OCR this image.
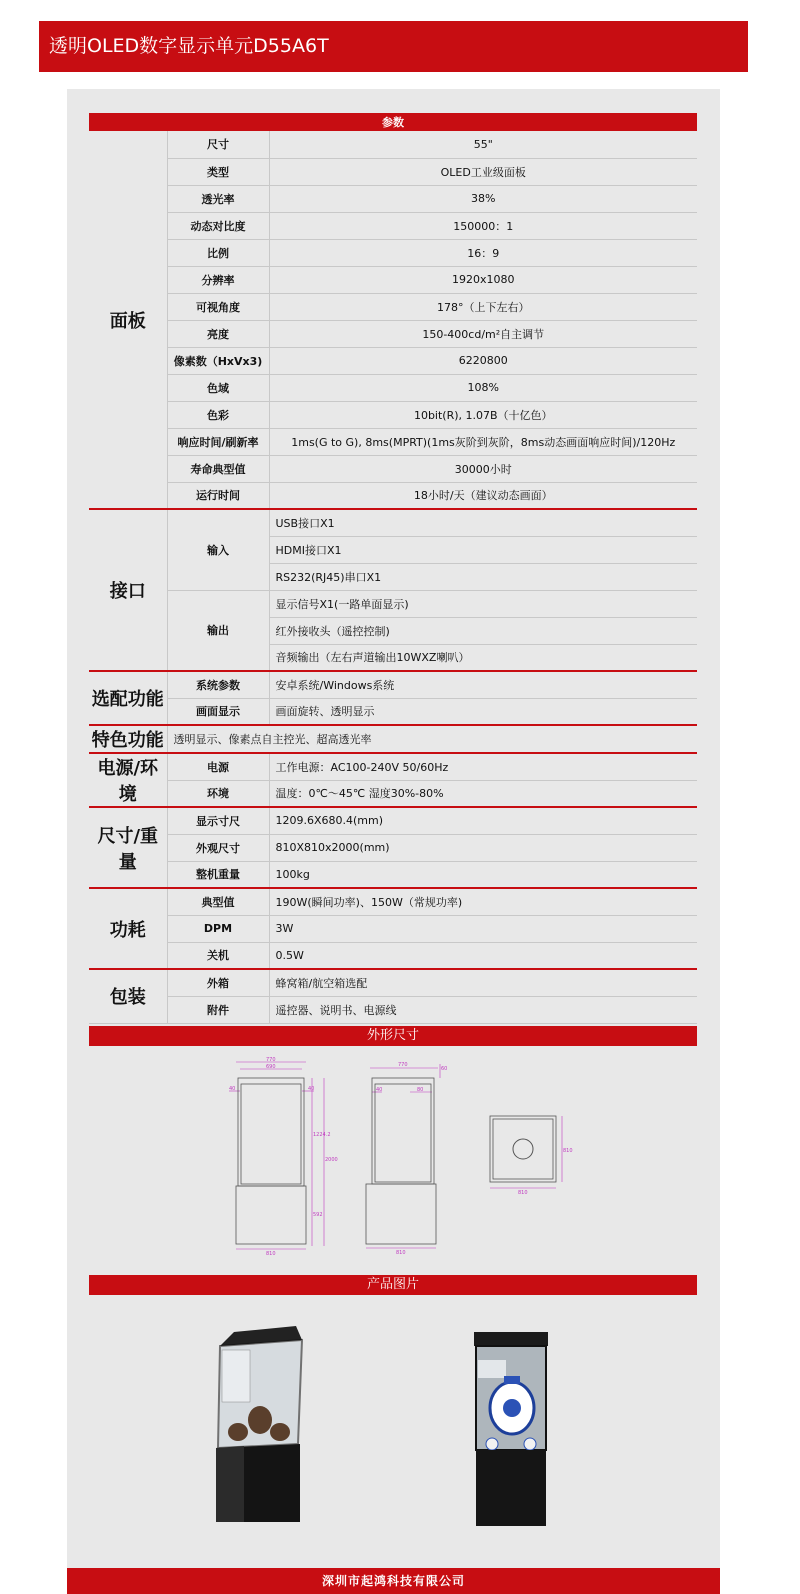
透明OLED数字显示单元D55A6T
参数		
面板	尺寸	55"
	类型	OLED工业级面板
	透光率	38%
	动态对比度	150000：1
	比例	16：9
	分辨率	1920x1080
	可视角度	178°（上下左右）
	亮度	150-400cd/m²自主调节
	像素数（HxVx3)	6220800
	色域	108%
	色彩	10bit(R), 1.07B（十亿色）
	响应时间/刷新率	1ms(G to G), 8ms(MPRT)(1ms灰阶到灰阶，8ms动态画面响应时间)/120Hz
	寿命典型值	30000小时
	运行时间	18小时/天（建议动态画面）
接口	输入	USB接口X1
		HDMI接口X1
		RS232(RJ45)串口X1
	输出	显示信号X1(一路单面显示)
		红外接收头（遥控控制)
		音频输出（左右声道输出10WXZ喇叭）
选配功能	系统参数	安卓系统/Windows系统
	画面显示	画面旋转、透明显示
特色功能	透明显示、像素点自主控光、超高透光率	
电源/环境	电源	工作电源：AC100-240V 50/60Hz
	环境	温度：0℃～45℃ 湿度30%-80%
尺寸/重量	显示寸尺	1209.6X680.4(mm)
	外观尺寸	810X810x2000(mm)
	整机重量	100kg
功耗	典型值	190W(瞬间功率)、150W（常规功率)
	DPM	3W
	关机	0.5W
包装	外箱	蜂窝箱/航空箱选配
	附件	遥控器、说明书、电源线
外形尺寸
770
690
40	40
1224.2
2000
592
810
770
60
40	80
810
810
810
产品图片
深圳市起鸿科技有限公司
